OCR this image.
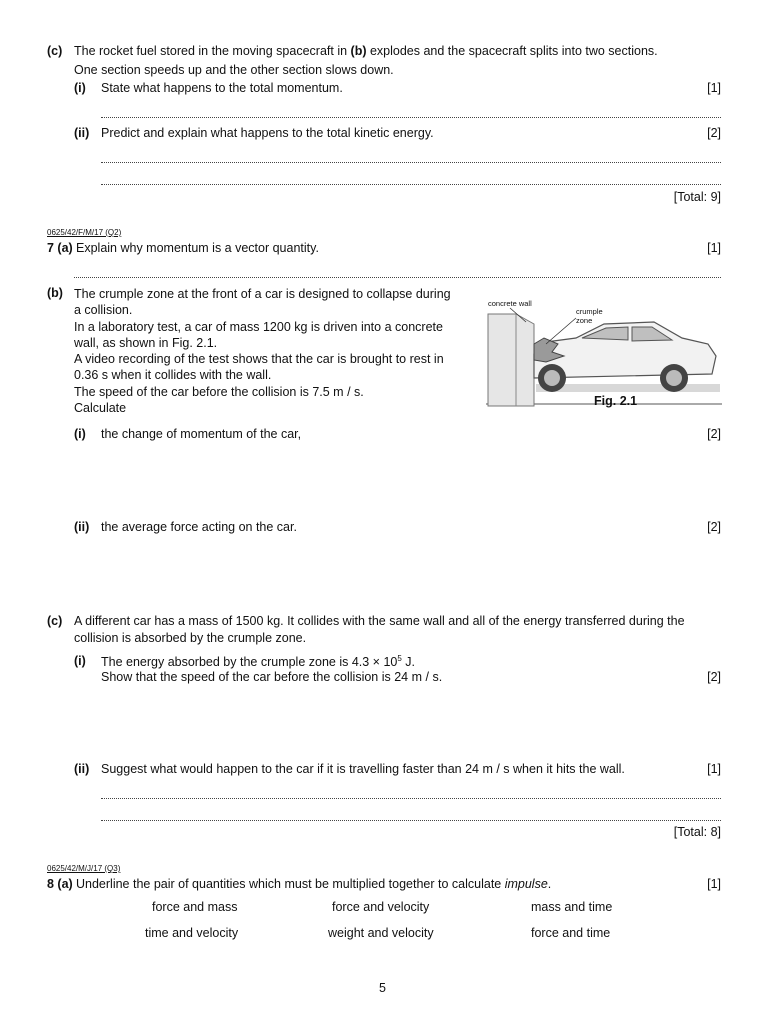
(c) The rocket fuel stored in the moving spacecraft in (b) explodes and the spacecraft splits into two sections.
One section speeds up and the other section slows down.
(i) State what happens to the total momentum.	[1]
(ii) Predict and explain what happens to the total kinetic energy.	[2]
[Total: 9]
0625/42/F/M/17 (Q2)
7 (a) Explain why momentum is a vector quantity.	[1]
(b) The crumple zone at the front of a car is designed to collapse during
a collision.
In a laboratory test, a car of mass 1200 kg is driven into a concrete
wall, as shown in Fig. 2.1.
A video recording of the test shows that the car is brought to rest in
0.36 s when it collides with the wall.
The speed of the car before the collision is 7.5 m / s.
Calculate
concrete wall
crumple
zone
Fig. 2.1
(i) the change of momentum of the car,	[2]
(ii) the average force acting on the car.	[2]
(c) A different car has a mass of 1500 kg. It collides with the same wall and all of the energy transferred during the
collision is absorbed by the crumple zone.
(i) The energy absorbed by the crumple zone is $4.3 \times 10^5$ J.
Show that the speed of the car before the collision is 24 m / s.	[2]
(ii) Suggest what would happen to the car if it is travelling faster than 24 m / s when it hits the wall.	[1]
[Total: 8]
0625/42/M/J/17 (Q3)
8 (a) Underline the pair of quantities which must be multiplied together to calculate impulse.	[1]
force and mass	force and velocity	mass and time
time and velocity	weight and velocity	force and time
5
